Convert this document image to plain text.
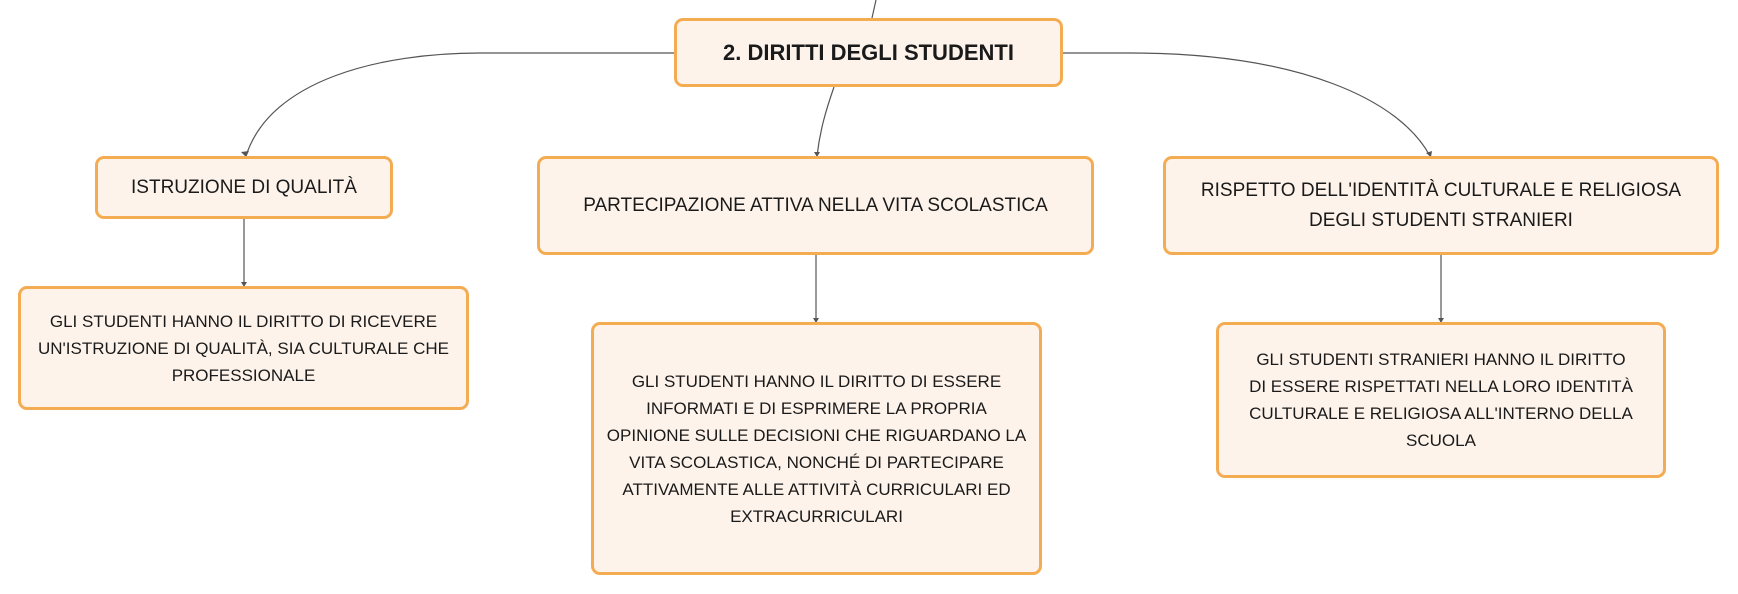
2. DIRITTI DEGLI STUDENTI
ISTRUZIONE DI QUALITÀ
PARTECIPAZIONE ATTIVA NELLA VITA SCOLASTICA
RISPETTO DELL'IDENTITÀ CULTURALE E RELIGIOSA DEGLI STUDENTI STRANIERI
GLI STUDENTI HANNO IL DIRITTO DI RICEVERE UN'ISTRUZIONE DI QUALITÀ, SIA CULTURALE CHE PROFESSIONALE	GLI STUDENTI HANNO IL DIRITTO DI ESSERE INFORMATI E DI ESPRIMERE LA PROPRIA OPINIONE SULLE DECISIONI CHE RIGUARDANO LA VITA SCOLASTICA, NONCHÉ DI PARTECIPARE ATTIVAMENTE ALLE ATTIVITÀ CURRICULARI ED EXTRACURRICULARI
GLI STUDENTI STRANIERI HANNO IL DIRITTO DI ESSERE RISPETTATI NELLA LORO IDENTITÀ CULTURALE E RELIGIOSA ALL'INTERNO DELLA SCUOLA
